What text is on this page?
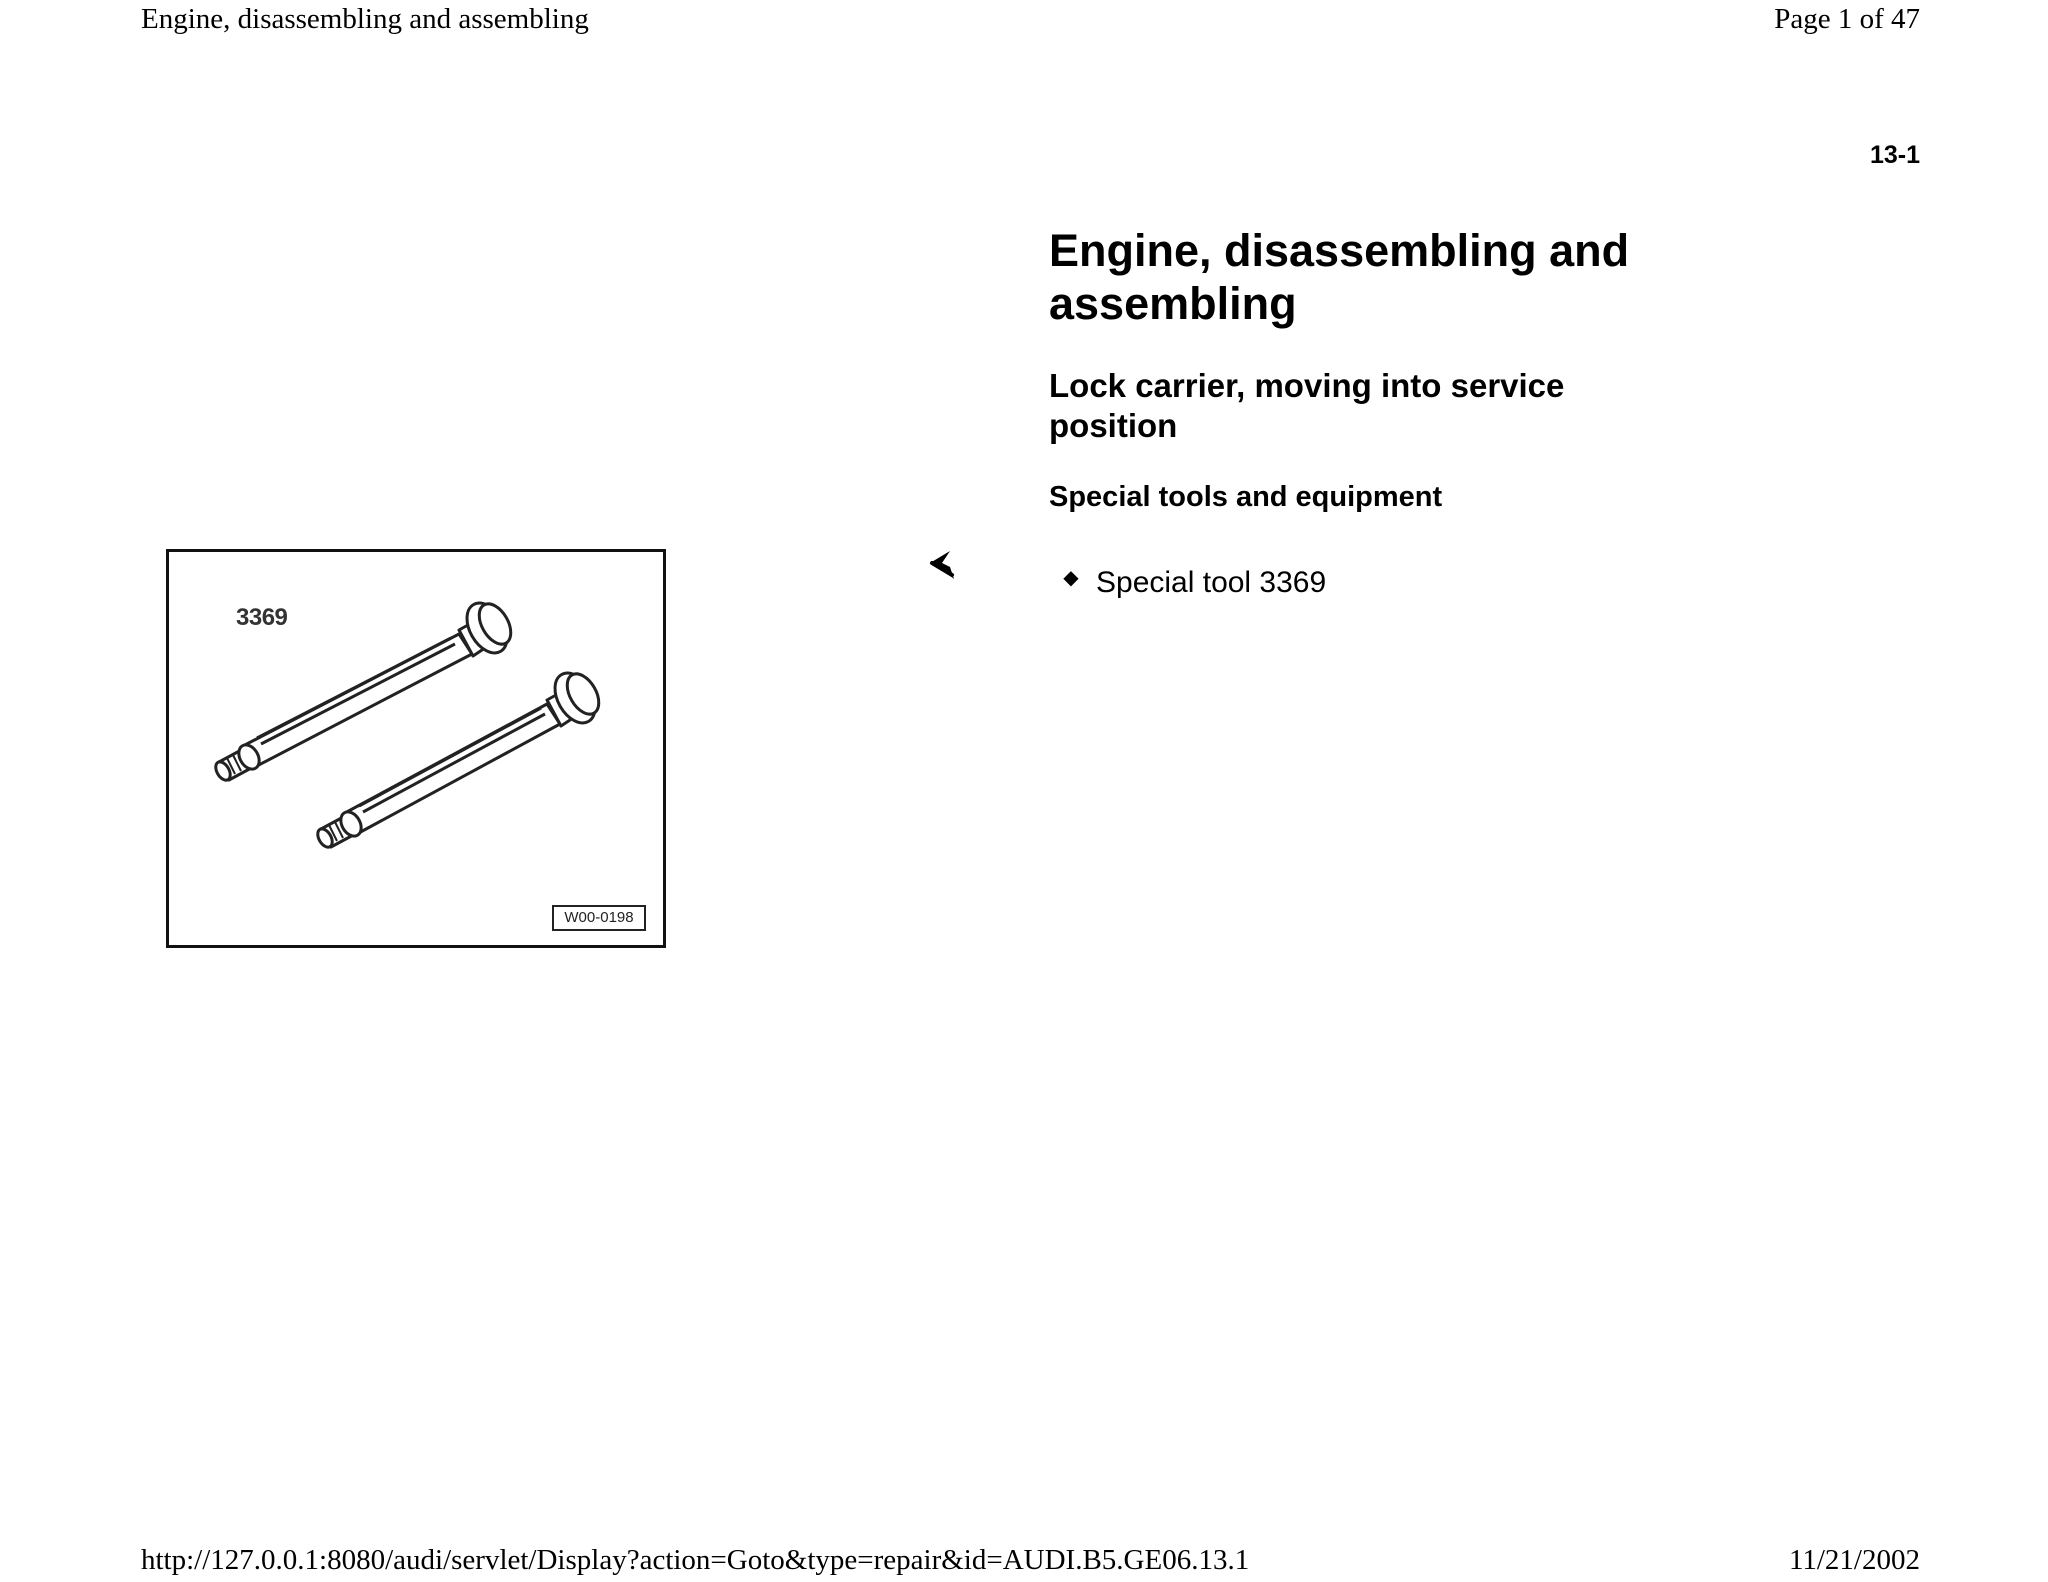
Engine, disassembling and assembling	Page 1 of 47
13-1
Engine, disassembling and assembling
Lock carrier, moving into service position
Special tools and equipment
◆ Special tool 3369
3369
W00-0198
http://127.0.0.1:8080/audi/servlet/Display?action=Goto&type=repair&id=AUDI.B5.GE06.13.1	11/21/2002
